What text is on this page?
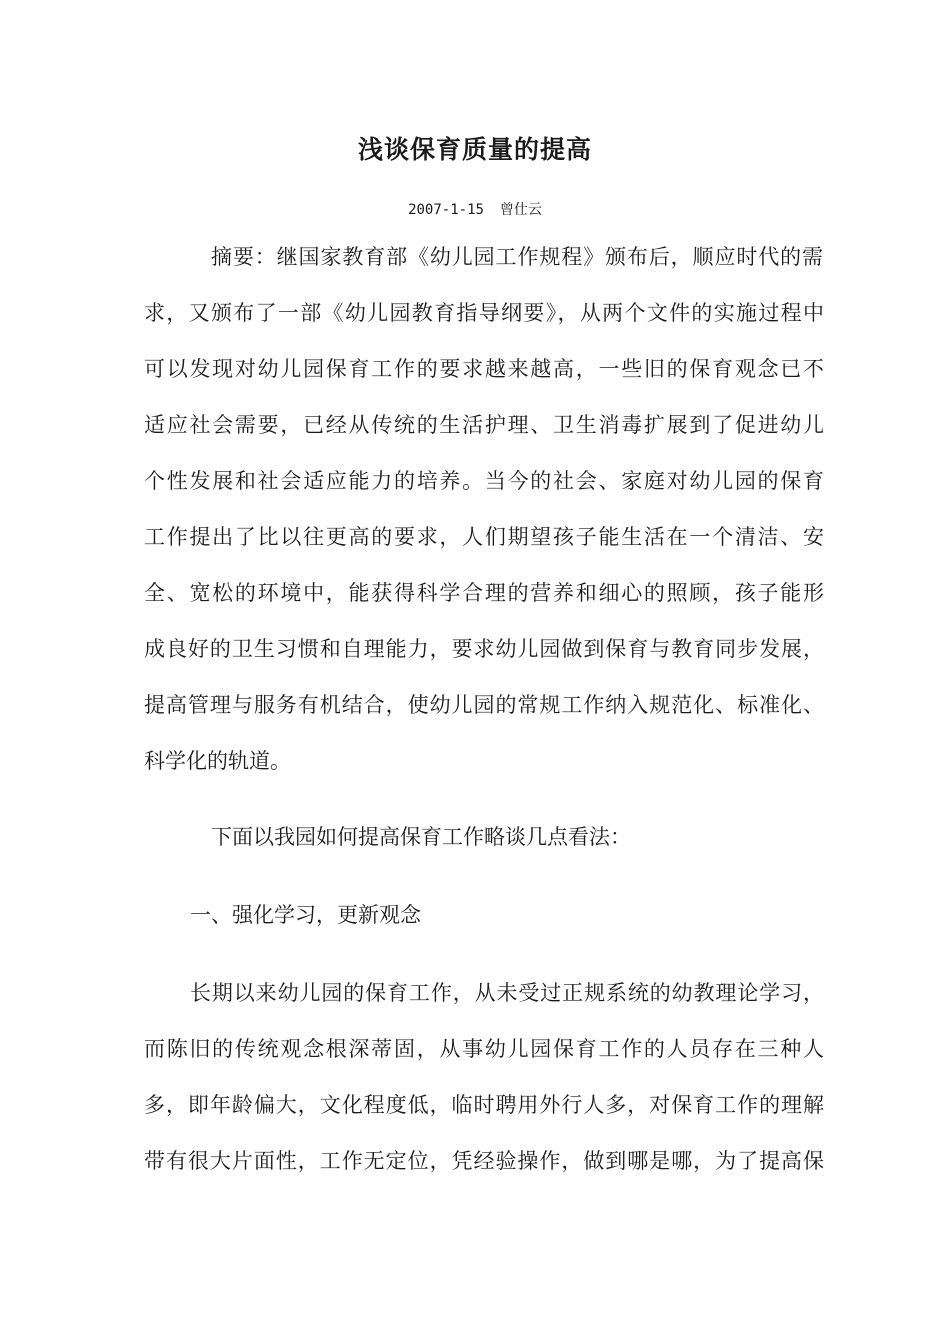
浅谈保育质量的提高
2007-1-15 曾仕云
摘要：继国家教育部《幼儿园工作规程》颁布后，顺应时代的需
求，又颁布了一部《幼儿园教育指导纲要》，从两个文件的实施过程中
可以发现对幼儿园保育工作的要求越来越高，一些旧的保育观念已不
适应社会需要，已经从传统的生活护理、卫生消毒扩展到了促进幼儿
个性发展和社会适应能力的培养。当今的社会、家庭对幼儿园的保育
工作提出了比以往更高的要求，人们期望孩子能生活在一个清洁、安
全、宽松的环境中，能获得科学合理的营养和细心的照顾，孩子能形
成良好的卫生习惯和自理能力，要求幼儿园做到保育与教育同步发展，
提高管理与服务有机结合，使幼儿园的常规工作纳入规范化、标准化、
科学化的轨道。
下面以我园如何提高保育工作略谈几点看法：
一、强化学习，更新观念
长期以来幼儿园的保育工作，从未受过正规系统的幼教理论学习，
而陈旧的传统观念根深蒂固，从事幼儿园保育工作的人员存在三种人
多，即年龄偏大，文化程度低，临时聘用外行人多，对保育工作的理解
带有很大片面性，工作无定位，凭经验操作，做到哪是哪，为了提高保
